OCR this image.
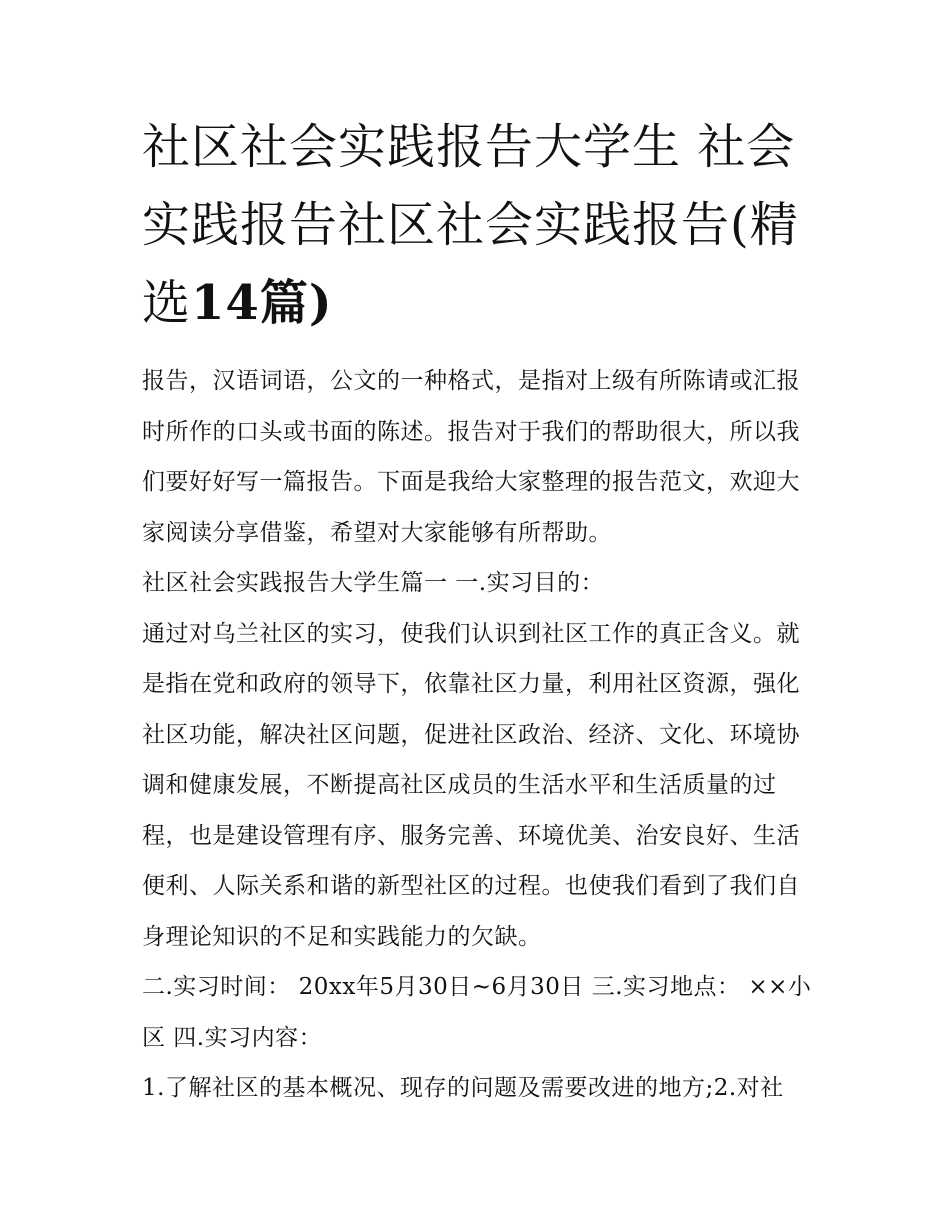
社区社会实践报告大学生 社会实践报告社区社会实践报告(精选14篇)

报告，汉语词语，公文的一种格式，是指对上级有所陈请或汇报时所作的口头或书面的陈述。报告对于我们的帮助很大，所以我们要好好写一篇报告。下面是我给大家整理的报告范文，欢迎大家阅读分享借鉴，希望对大家能够有所帮助。

社区社会实践报告大学生篇一 一.实习目的：

通过对乌兰社区的实习，使我们认识到社区工作的真正含义。就是指在党和政府的领导下，依靠社区力量，利用社区资源，强化社区功能，解决社区问题，促进社区政治、经济、文化、环境协调和健康发展，不断提高社区成员的生活水平和生活质量的过程，也是建设管理有序、服务完善、环境优美、治安良好、生活便利、人际关系和谐的新型社区的过程。也使我们看到了我们自身理论知识的不足和实践能力的欠缺。

二.实习时间： 20xx年5月30日~6月30日 三.实习地点： ××小区 四.实习内容：

1.了解社区的基本概况、现存的问题及需要改进的地方;2.对社
